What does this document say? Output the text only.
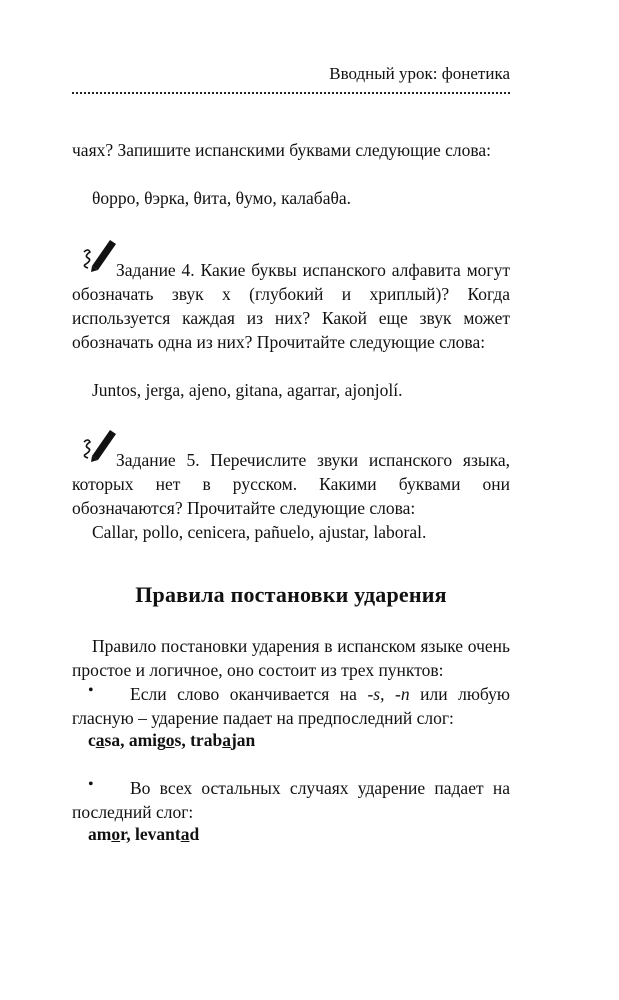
Вводный урок: фонетика
чаях? Запишите испанскими буквами следующие слова:
θорро, θэрка, θита, θумо, калабаθа.
Задание 4. Какие буквы испанского алфавита могут обозначать звук х (глубокий и хриплый)? Когда используется каждая из них? Какой еще звук может обозначать одна из них? Прочитайте следующие слова:
Juntos, jerga, ajeno, gitana, agarrar, ajonjolí.
Задание 5. Перечислите звуки испанского языка, которых нет в русском. Какими буквами они обозначаются? Прочитайте следующие слова:
Callar, pollo, cenicera, pañuelo, ajustar, laboral.
Правила постановки ударения
Правило постановки ударения в испанском языке очень простое и логичное, оно состоит из трех пунктов:
•	Если слово оканчивается на -s, -n или любую гласную – ударение падает на предпоследний слог:
casa, amigos, trabajan
•	Во всех остальных случаях ударение падает на последний слог:
amor, levantad
